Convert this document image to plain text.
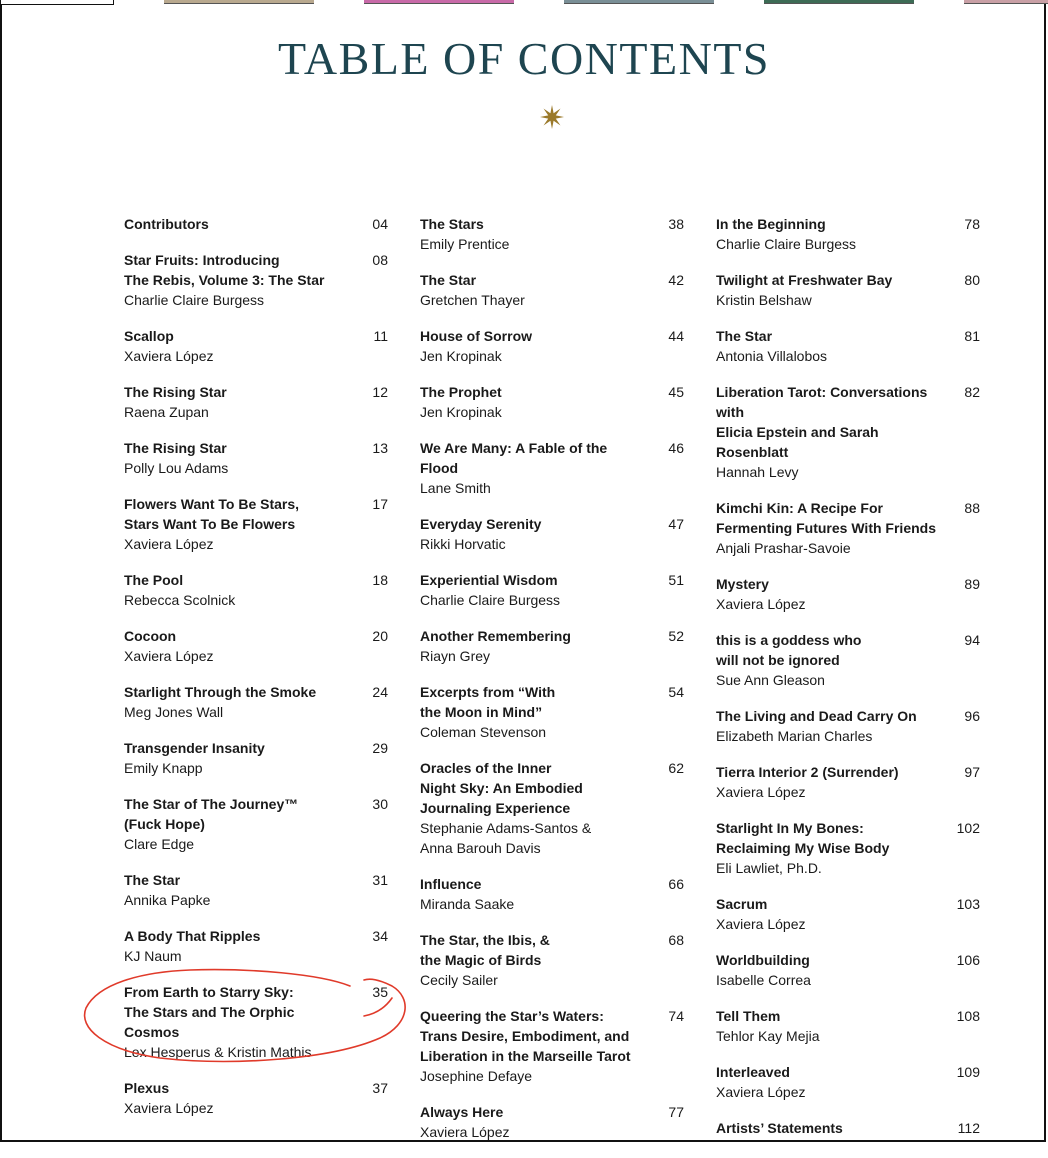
TABLE OF CONTENTS
Contributors	04
Star Fruits: Introducing
The Rebis, Volume 3: The Star
Charlie Claire Burgess
08
Scallop
Xaviera López
11
The Rising Star
Raena Zupan
12
The Rising Star
Polly Lou Adams
13
Flowers Want To Be Stars,
Stars Want To Be Flowers
Xaviera López
17
The Pool
Rebecca Scolnick
18
Cocoon
Xaviera López
20
Starlight Through the Smoke
Meg Jones Wall
24
Transgender Insanity
Emily Knapp
29
The Star of The Journey™
(Fuck Hope)
Clare Edge
30
The Star
Annika Papke
31
A Body That Ripples
KJ Naum
34
From Earth to Starry Sky:
The Stars and The Orphic Cosmos
Lex Hesperus & Kristin Mathis
35
Plexus
Xaviera López
37
The Stars
Emily Prentice
38
The Star
Gretchen Thayer
42
House of Sorrow
Jen Kropinak
44
The Prophet
Jen Kropinak
45
We Are Many: A Fable of the Flood
Lane Smith
46
Everyday Serenity
Rikki Horvatic
47
Experiential Wisdom
Charlie Claire Burgess
51
Another Remembering
Riayn Grey
52
Excerpts from “With
the Moon in Mind”
Coleman Stevenson
54
Oracles of the Inner
Night Sky: An Embodied
Journaling Experience
Stephanie Adams-Santos &
Anna Barouh Davis
62
Influence
Miranda Saake
66
The Star, the Ibis, &
the Magic of Birds
Cecily Sailer
68
Queering the Star’s Waters:
Trans Desire, Embodiment, and
Liberation in the Marseille Tarot
Josephine Defaye
74
Always Here
Xaviera López
77
In the Beginning
Charlie Claire Burgess
78
Twilight at Freshwater Bay
Kristin Belshaw
80
The Star
Antonia Villalobos
81
Liberation Tarot: Conversations with
Elicia Epstein and Sarah Rosenblatt
Hannah Levy
82
Kimchi Kin: A Recipe For
Fermenting Futures With Friends
Anjali Prashar-Savoie
88
Mystery
Xaviera López
89
this is a goddess who
will not be ignored
Sue Ann Gleason
94
The Living and Dead Carry On
Elizabeth Marian Charles
96
Tierra Interior 2 (Surrender)
Xaviera López
97
Starlight In My Bones:
Reclaiming My Wise Body
Eli Lawliet, Ph.D.
102
Sacrum
Xaviera López
103
Worldbuilding
Isabelle Correa
106
Tell Them
Tehlor Kay Mejia
108
Interleaved
Xaviera López
109
Artists’ Statements	112
